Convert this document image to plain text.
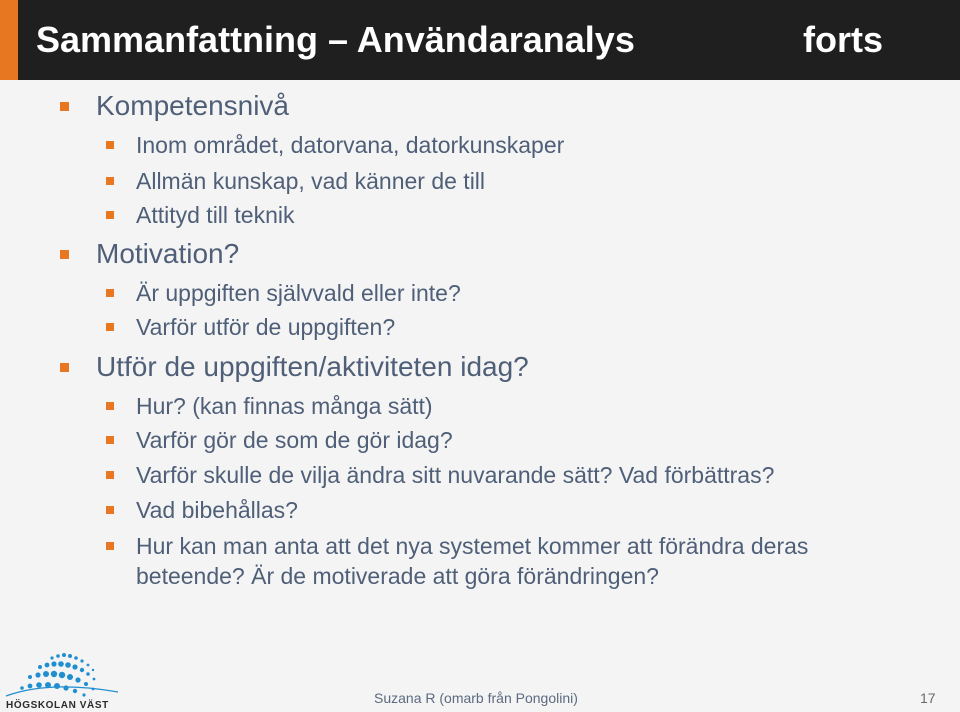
Sammanfattning – Användaranalys	forts
Kompetensnivå
Inom området, datorvana, datorkunskaper
Allmän kunskap, vad känner de till
Attityd till teknik
Motivation?
Är uppgiften självvald eller inte?
Varför utför de uppgiften?
Utför de uppgiften/aktiviteten idag?
Hur? (kan finnas många sätt)
Varför gör de som de gör idag?
Varför skulle de vilja ändra sitt nuvarande sätt? Vad förbättras?
Vad bibehållas?
Hur kan man anta att det nya systemet kommer att förändra deras beteende? Är de motiverade att göra förändringen?
HÖGSKOLAN VÄST	Suzana R (omarb från Pongolini)	17
